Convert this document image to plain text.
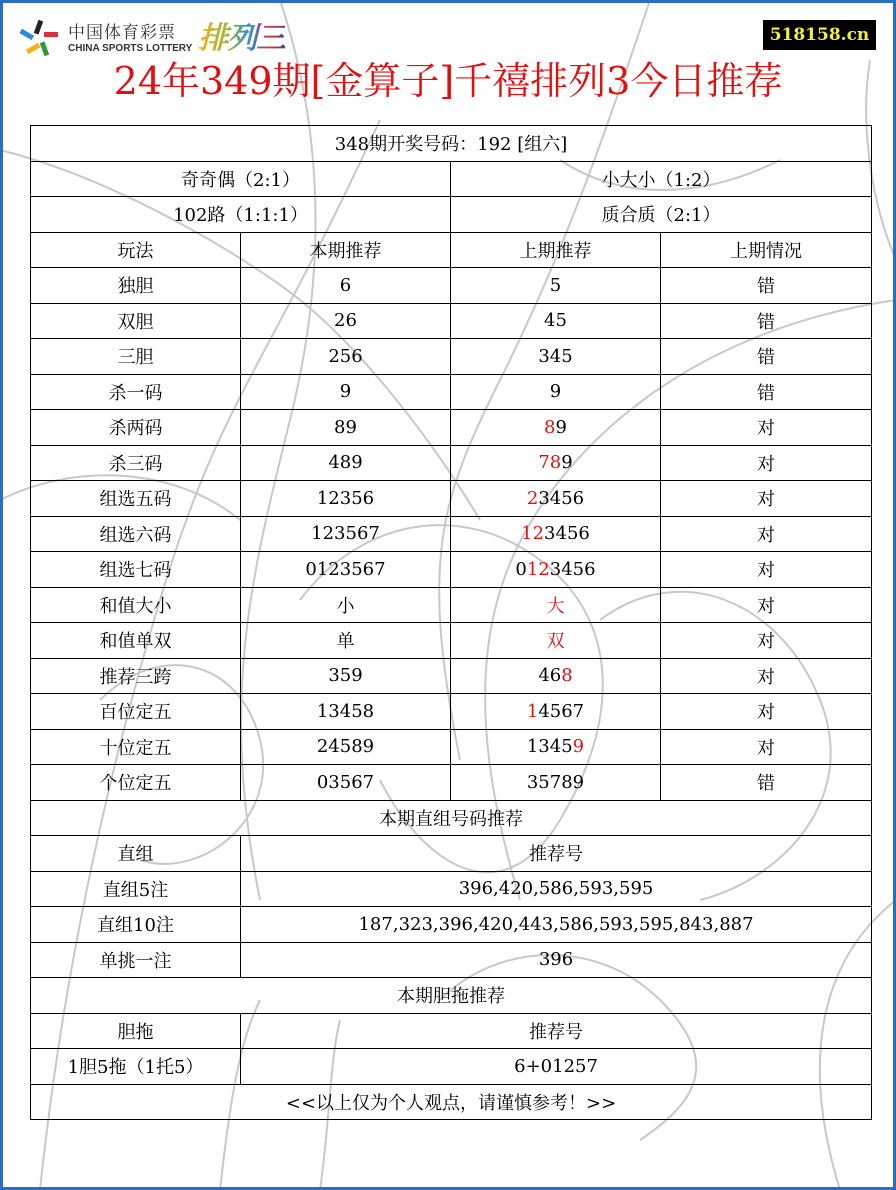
中国体育彩票
CHINA SPORTS LOTTERY 排列三	518158.cn
24年349期[金算子]千禧排列3今日推荐
348期开奖号码：192 [组六]			
奇奇偶（2:1）		小大小（1:2）	
102路（1:1:1）		质合质（2:1）	
玩法	本期推荐	上期推荐	上期情况
独胆	6	5	错
双胆	26	45	错
三胆	256	345	错
杀一码	9	9	错
杀两码	89	89	对
杀三码	489	789	对
组选五码	12356	23456	对
组选六码	123567	123456	对
组选七码	0123567	0123456	对
和值大小	小	大	对
和值单双	单	双	对
推荐三跨	359	468	对
百位定五	13458	14567	对
十位定五	24589	13459	对
个位定五	03567	35789	错
本期直组号码推荐			
直组	推荐号		
直组5注	396,420,586,593,595		
直组10注	187,323,396,420,443,586,593,595,843,887		
单挑一注	396		
本期胆拖推荐			
胆拖	推荐号		
1胆5拖（1托5）	6+01257		
<<以上仅为个人观点，请谨慎参考！>>			
